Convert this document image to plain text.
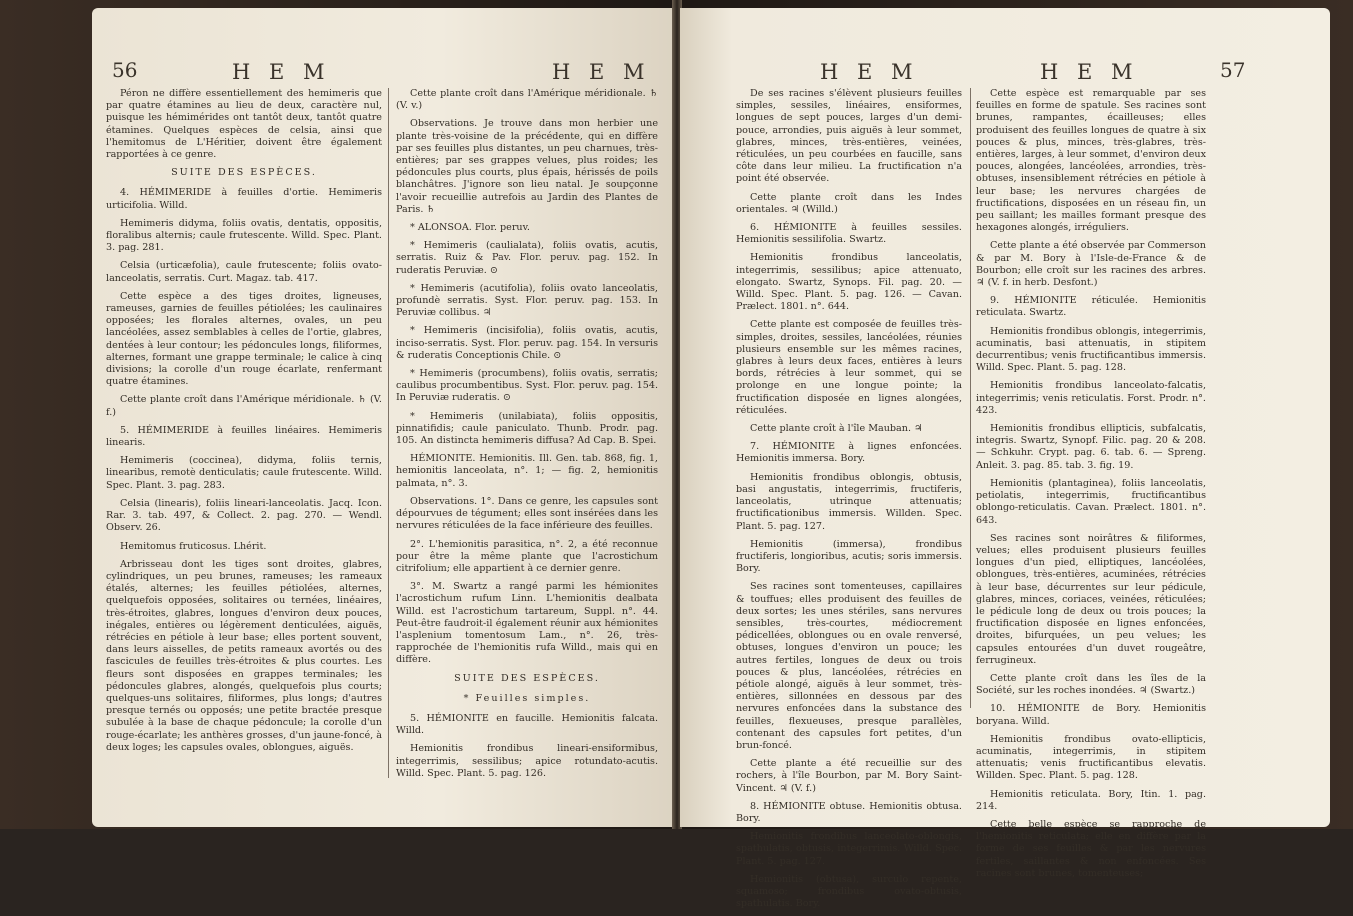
56	H E M	H E M

Péron ne diffère essentiellement des hemimeris que par quatre étamines au lieu de deux, caractère nul, puisque les hémimérides ont tantôt deux, tantôt quatre étamines. Quelques espèces de celsia, ainsi que l'hemitomus de L'Héritier, doivent être également rapportées à ce genre.

SUITE DES ESPÈCES.

4. HÉMIMERIDE à feuilles d'ortie. Hemimeris urticifolia. Willd.

Hemimeris didyma, foliis ovatis, dentatis, oppositis, floralibus alternis; caule frutescente. Willd. Spec. Plant. 3. pag. 281.

Celsia (urticæfolia), caule frutescente; foliis ovato-lanceolatis, serratis. Curt. Magaz. tab. 417.

Cette espèce a des tiges droites, ligneuses, rameuses, garnies de feuilles pétiolées; les caulinaires opposées; les florales alternes, ovales, un peu lancéolées, assez semblables à celles de l'ortie, glabres, dentées à leur contour; les pédoncules longs, filiformes, alternes, formant une grappe terminale; le calice à cinq divisions; la corolle d'un rouge écarlate, renfermant quatre étamines.

Cette plante croît dans l'Amérique méridionale. ♄ (V. f.)

5. HÉMIMERIDE à feuilles linéaires. Hemimeris linearis.

Hemimeris (coccinea), didyma, foliis ternis, linearibus, remotè denticulatis; caule frutescente. Willd. Spec. Plant. 3. pag. 283.

Celsia (linearis), foliis lineari-lanceolatis. Jacq. Icon. Rar. 3. tab. 497, & Collect. 2. pag. 270. — Wendl. Observ. 26.

Hemitomus fruticosus. Lhérit.

Arbrisseau dont les tiges sont droites, glabres, cylindriques, un peu brunes, rameuses; les rameaux étalés, alternes; les feuilles pétiolées, alternes, quelquefois opposées, solitaires ou ternées, linéaires, très-étroites, glabres, longues d'environ deux pouces, inégales, entières ou légèrement denticulées, aiguës, rétrécies en pétiole à leur base; elles portent souvent, dans leurs aisselles, de petits rameaux avortés ou des fascicules de feuilles très-étroites & plus courtes. Les fleurs sont disposées en grappes terminales; les pédoncules glabres, alongés, quelquefois plus courts; quelques-uns solitaires, filiformes, plus longs; d'autres presque ternés ou opposés; une petite bractée presque subulée à la base de chaque pédoncule; la corolle d'un rouge-écarlate; les anthères grosses, d'un jaune-foncé, à deux loges; les capsules ovales, oblongues, aiguës.

Cette plante croît dans l'Amérique méridionale. ♄ (V. v.)

Observations. Je trouve dans mon herbier une plante très-voisine de la précédente, qui en diffère par ses feuilles plus distantes, un peu charnues, très-entières; par ses grappes velues, plus roides; les pédoncules plus courts, plus épais, hérissés de poils blanchâtres. J'ignore son lieu natal. Je soupçonne l'avoir recueillie autrefois au Jardin des Plantes de Paris. ♄

* ALONSOA. Flor. peruv.

* Hemimeris (caulialata), foliis ovatis, acutis, serratis. Ruiz & Pav. Flor. peruv. pag. 152. In ruderatis Peruviæ. ⊙

* Hemimeris (acutifolia), foliis ovato lanceolatis, profundè serratis. Syst. Flor. peruv. pag. 153. In Peruviæ collibus. ♃

* Hemimeris (incisifolia), foliis ovatis, acutis, inciso-serratis. Syst. Flor. peruv. pag. 154. In versuris & ruderatis Conceptionis Chile. ⊙

* Hemimeris (procumbens), foliis ovatis, serratis; caulibus procumbentibus. Syst. Flor. peruv. pag. 154. In Peruviæ ruderatis. ⊙

* Hemimeris (unilabiata), foliis oppositis, pinnatifidis; caule paniculato. Thunb. Prodr. pag. 105. An distincta hemimeris diffusa? Ad Cap. B. Spei.

HÉMIONITE. Hemionitis. Ill. Gen. tab. 868, fig. 1, hemionitis lanceolata, n°. 1; — fig. 2, hemionitis palmata, n°. 3.

Observations. 1°. Dans ce genre, les capsules sont dépourvues de tégument; elles sont insérées dans les nervures réticulées de la face inférieure des feuilles.

2°. L'hemionitis parasitica, n°. 2, a été reconnue pour être la même plante que l'acrostichum citrifolium; elle appartient à ce dernier genre.

3°. M. Swartz a rangé parmi les hémionites l'acrostichum rufum Linn. L'hemionitis dealbata Willd. est l'acrostichum tartareum, Suppl. n°. 44. Peut-être faudroit-il également réunir aux hémionites l'asplenium tomentosum Lam., n°. 26, très-rapprochée de l'hemionitis rufa Willd., mais qui en diffère.

SUITE DES ESPÈCES.

* Feuilles simples.

5. HÉMIONITE en faucille. Hemionitis falcata. Willd.

Hemionitis frondibus lineari-ensiformibus, integerrimis, sessilibus; apice rotundato-acutis. Willd. Spec. Plant. 5. pag. 126.

H E M	H E M	57

De ses racines s'élèvent plusieurs feuilles simples, sessiles, linéaires, ensiformes, longues de sept pouces, larges d'un demi-pouce, arrondies, puis aiguës à leur sommet, glabres, minces, très-entières, veinées, réticulées, un peu courbées en faucille, sans côte dans leur milieu. La fructification n'a point été observée.

Cette plante croît dans les Indes orientales. ♃ (Willd.)

6. HÉMIONITE à feuilles sessiles. Hemionitis sessilifolia. Swartz.

Hemionitis frondibus lanceolatis, integerrimis, sessilibus; apice attenuato, elongato. Swartz, Synops. Fil. pag. 20. — Willd. Spec. Plant. 5. pag. 126. — Cavan. Prælect. 1801. n°. 644.

Cette plante est composée de feuilles très-simples, droites, sessiles, lancéolées, réunies plusieurs ensemble sur les mêmes racines, glabres à leurs deux faces, entières à leurs bords, rétrécies à leur sommet, qui se prolonge en une longue pointe; la fructification disposée en lignes alongées, réticulées.

Cette plante croît à l'île Mauban. ♃

7. HÉMIONITE à lignes enfoncées. Hemionitis immersa. Bory.

Hemionitis frondibus oblongis, obtusis, basi angustatis, integerrimis, fructiferis, lanceolatis, utrinque attenuatis; fructificationibus immersis. Willden. Spec. Plant. 5. pag. 127.

Hemionitis (immersa), frondibus fructiferis, longioribus, acutis; soris immersis. Bory.

Ses racines sont tomenteuses, capillaires & touffues; elles produisent des feuilles de deux sortes; les unes stériles, sans nervures sensibles, très-courtes, médiocrement pédicellées, oblongues ou en ovale renversé, obtuses, longues d'environ un pouce; les autres fertiles, longues de deux ou trois pouces & plus, lancéolées, rétrécies en pétiole alongé, aiguës à leur sommet, très-entières, sillonnées en dessous par des nervures enfoncées dans la substance des feuilles, flexueuses, presque parallèles, contenant des capsules fort petites, d'un brun-foncé.

Cette plante a été recueillie sur des rochers, à l'île Bourbon, par M. Bory Saint-Vincent. ♃ (V. f.)

8. HÉMIONITE obtuse. Hemionitis obtusa. Bory.

Hemionitis frondibus lanceolato-oblongis, spathulatis, obtusis, integerrimis. Willd. Spec. Plant. 5. pag. 127.

Hemionitis (obtusa), surculo repente, squamoso; frondibus ovato-obtusis, spathulatis. Bory.

Cette espèce est remarquable par ses feuilles en forme de spatule. Ses racines sont brunes, rampantes, écailleuses; elles produisent des feuilles longues de quatre à six pouces & plus, minces, très-glabres, très-entières, larges, à leur sommet, d'environ deux pouces, alongées, lancéolées, arrondies, très-obtuses, insensiblement rétrécies en pétiole à leur base; les nervures chargées de fructifications, disposées en un réseau fin, un peu saillant; les mailles formant presque des hexagones alongés, irréguliers.

Cette plante a été observée par Commerson & par M. Bory à l'Isle-de-France & de Bourbon; elle croît sur les racines des arbres. ♃ (V. f. in herb. Desfont.)

9. HÉMIONITE réticulée. Hemionitis reticulata. Swartz.

Hemionitis frondibus oblongis, integerrimis, acuminatis, basi attenuatis, in stipitem decurrentibus; venis fructificantibus immersis. Willd. Spec. Plant. 5. pag. 128.

Hemionitis frondibus lanceolato-falcatis, integerrimis; venis reticulatis. Forst. Prodr. n°. 423.

Hemionitis frondibus ellipticis, subfalcatis, integris. Swartz, Synopf. Filic. pag. 20 & 208. — Schkuhr. Crypt. pag. 6. tab. 6. — Spreng. Anleit. 3. pag. 85. tab. 3. fig. 19.

Hemionitis (plantaginea), foliis lanceolatis, petiolatis, integerrimis, fructificantibus oblongo-reticulatis. Cavan. Prælect. 1801. n°. 643.

Ses racines sont noirâtres & filiformes, velues; elles produisent plusieurs feuilles longues d'un pied, elliptiques, lancéolées, oblongues, très-entières, acuminées, rétrécies à leur base, décurrentes sur leur pédicule, glabres, minces, coriaces, veinées, réticulées; le pédicule long de deux ou trois pouces; la fructification disposée en lignes enfoncées, droites, bifurquées, un peu velues; les capsules entourées d'un duvet rougeâtre, ferrugineux.

Cette plante croît dans les îles de la Société, sur les roches inondées. ♃ (Swartz.)

10. HÉMIONITE de Bory. Hemionitis boryana. Willd.

Hemionitis frondibus ovato-ellipticis, acuminatis, integerrimis, in stipitem attenuatis; venis fructificantibus elevatis. Willden. Spec. Plant. 5. pag. 128.

Hemionitis reticulata. Bory, Itin. 1. pag. 214.

Cette belle espèce se rapproche de l'hemionitis reticulata; elle en diffère par la forme de ses feuilles & par les nervures fertiles, saillantes & non enfoncées. Ses racines sont brunes, tomenteuses;
